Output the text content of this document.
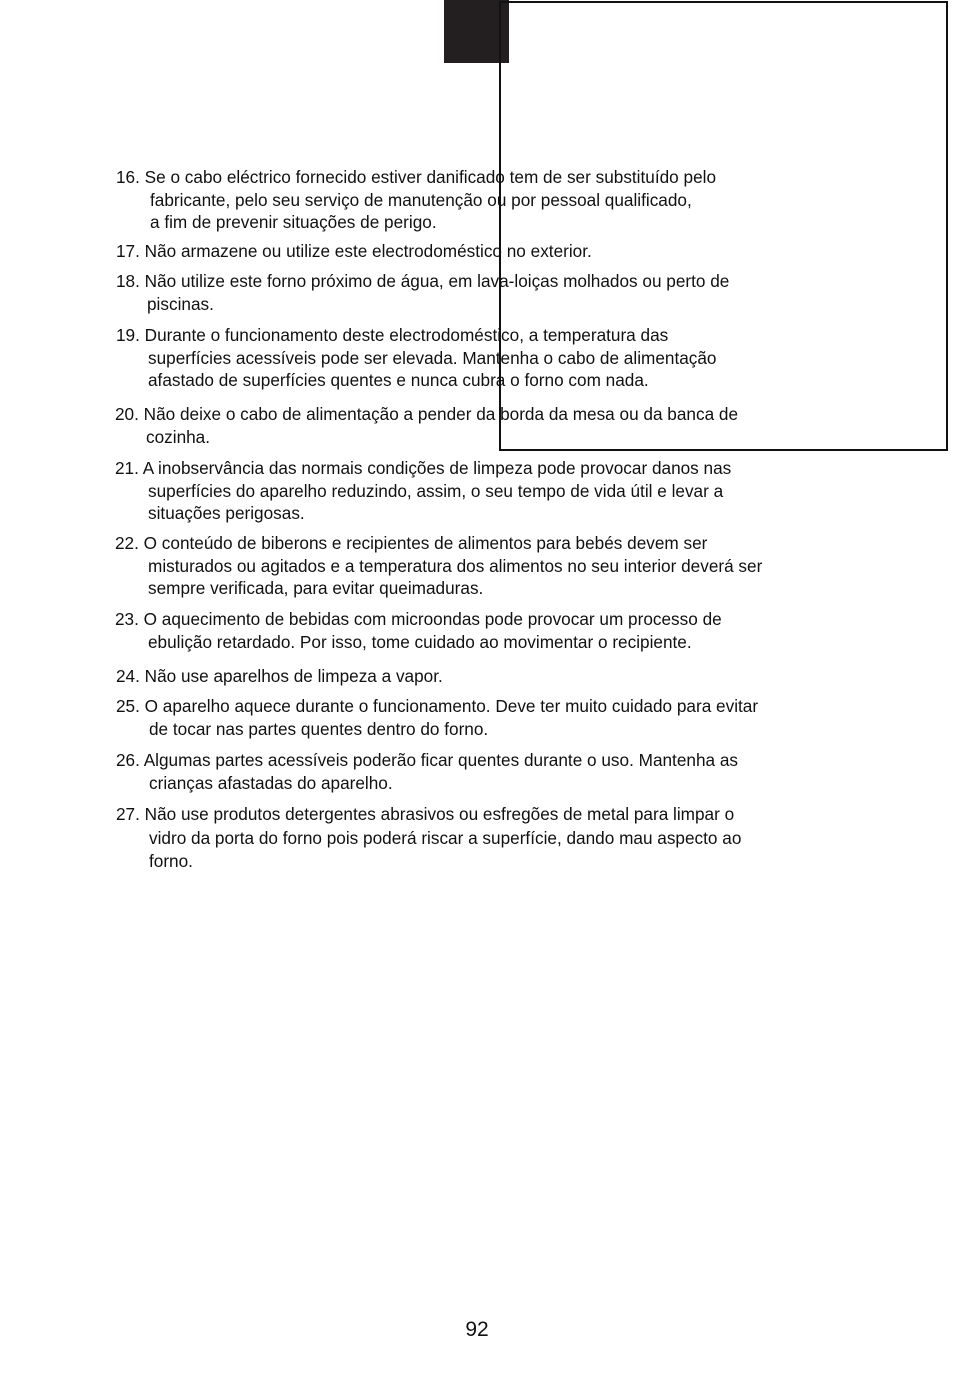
16. Se o cabo eléctrico fornecido estiver danificado tem de ser substituído pelo
fabricante, pelo seu serviço de manutenção ou por pessoal qualificado,
a fim de prevenir situações de perigo.
17. Não armazene ou utilize este electrodoméstico no exterior.
18. Não utilize este forno próximo de água, em lava-loiças molhados ou perto de
piscinas.
19. Durante o funcionamento deste electrodoméstico, a temperatura das
superfícies acessíveis pode ser elevada. Mantenha o cabo de alimentação
afastado de superfícies quentes e nunca cubra o forno com nada.
20. Não deixe o cabo de alimentação a pender da borda da mesa ou da banca de
cozinha.
21. A inobservância das normais condições de limpeza pode provocar danos nas
superfícies do aparelho reduzindo, assim, o seu tempo de vida útil e levar a
situações perigosas.
22. O conteúdo de biberons e recipientes de alimentos para bebés devem ser
misturados ou agitados e a temperatura dos alimentos no seu interior deverá ser
sempre verificada, para evitar queimaduras.
23. O aquecimento de bebidas com microondas pode provocar um processo de
ebulição retardado. Por isso, tome cuidado ao movimentar o recipiente.
24. Não use aparelhos de limpeza a vapor.
25. O aparelho aquece durante o funcionamento. Deve ter muito cuidado para evitar
de tocar nas partes quentes dentro do forno.
26. Algumas partes acessíveis poderão ficar quentes durante o uso. Mantenha as
crianças afastadas do aparelho.
27. Não use produtos detergentes abrasivos ou esfregões de metal para limpar o
vidro da porta do forno pois poderá riscar a superfície, dando mau aspecto ao
forno.
92
